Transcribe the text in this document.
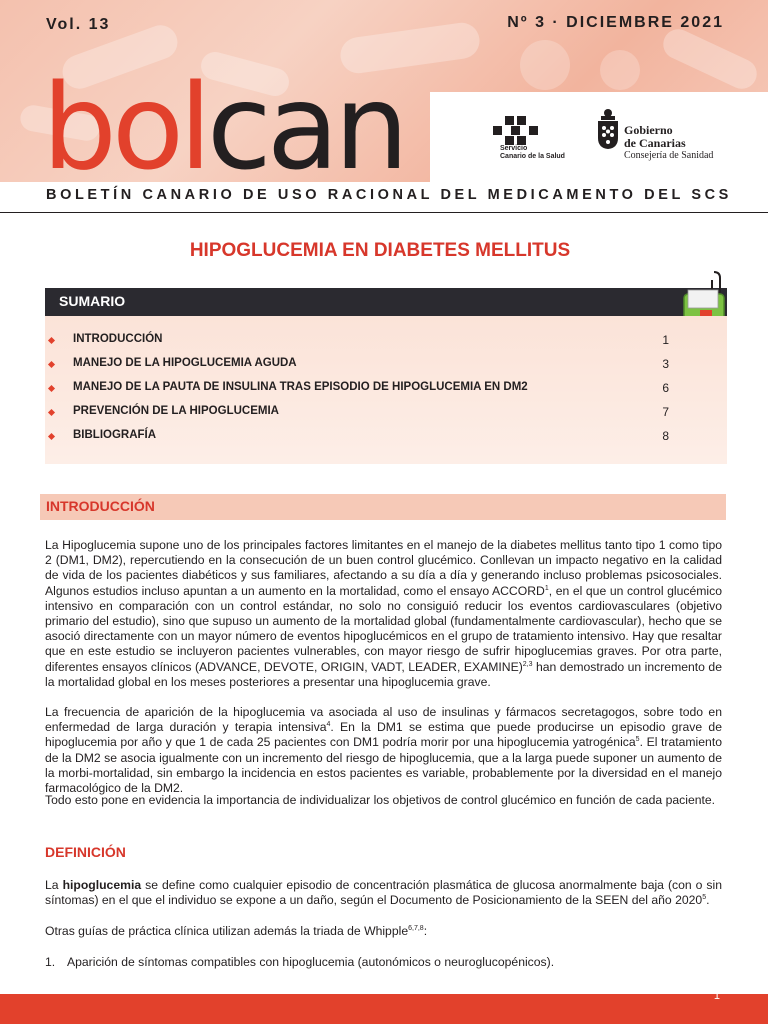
Vol. 13	Nº 3 · DICIEMBRE 2021
bolcan	Servicio
Canario de la Salud
Gobierno
de Canarias
Consejería de Sanidad
BOLETÍN CANARIO DE USO RACIONAL DEL MEDICAMENTO DEL SCS
HIPOGLUCEMIA EN DIABETES MELLITUS
SUMARIO
INTRODUCCIÓN	1
MANEJO DE LA HIPOGLUCEMIA AGUDA	3
MANEJO DE LA PAUTA DE INSULINA TRAS EPISODIO DE HIPOGLUCEMIA EN DM2	6
PREVENCIÓN DE LA HIPOGLUCEMIA	7
BIBLIOGRAFÍA	8
INTRODUCCIÓN

La Hipoglucemia supone uno de los principales factores limitantes en el manejo de la diabetes mellitus tanto tipo 1 como tipo 2 (DM1, DM2), repercutiendo en la consecución de un buen control glucémico. Conllevan un impacto negativo en la calidad de vida de los pacientes diabéticos y sus familiares, afectando a su día a día y generando incluso problemas psicosociales. Algunos estudios incluso apuntan a un aumento en la mortalidad, como el ensayo ACCORD$^1$, en el que un control glucémico intensivo en comparación con un control estándar, no solo no consiguió reducir los eventos cardiovasculares (objetivo primario del estudio), sino que supuso un aumento de la mortalidad global (fundamentalmente cardiovascular), hecho que se asoció directamente con un mayor número de eventos hipoglucémicos en el grupo de tratamiento intensivo. Hay que resaltar que en este estudio se incluyeron pacientes vulnerables, con mayor riesgo de sufrir hipoglucemias graves. Por otra parte, diferentes ensayos clínicos (ADVANCE, DEVOTE, ORIGIN, VADT, LEADER, EXAMINE)$^{2,3}$ han demostrado un incremento de la mortalidad global en los meses posteriores a presentar una hipoglucemia grave.

La frecuencia de aparición de la hipoglucemia va asociada al uso de insulinas y fármacos secretagogos, sobre todo en enfermedad de larga duración y terapia intensiva$^4$. En la DM1 se estima que puede producirse un episodio grave de hipoglucemia por año y que 1 de cada 25 pacientes con DM1 podría morir por una hipoglucemia yatrogénica$^5$. El tratamiento de la DM2 se asocia igualmente con un incremento del riesgo de hipoglucemia, que a la larga puede suponer un aumento de la morbi-mortalidad, sin embargo la incidencia en estos pacientes es variable, probablemente por la diversidad en el manejo farmacológico de la DM2.

Todo esto pone en evidencia la importancia de individualizar los objetivos de control glucémico en función de cada paciente.

DEFINICIÓN

La hipoglucemia se define como cualquier episodio de concentración plasmática de glucosa anormalmente baja (con o sin síntomas) en el que el individuo se expone a un daño, según el Documento de Posicionamiento de la SEEN del año 2020$^5$.

Otras guías de práctica clínica utilizan además la triada de Whipple$^{6,7,8}$:

1. Aparición de síntomas compatibles con hipoglucemia (autonómicos o neuroglucopénicos).
1
